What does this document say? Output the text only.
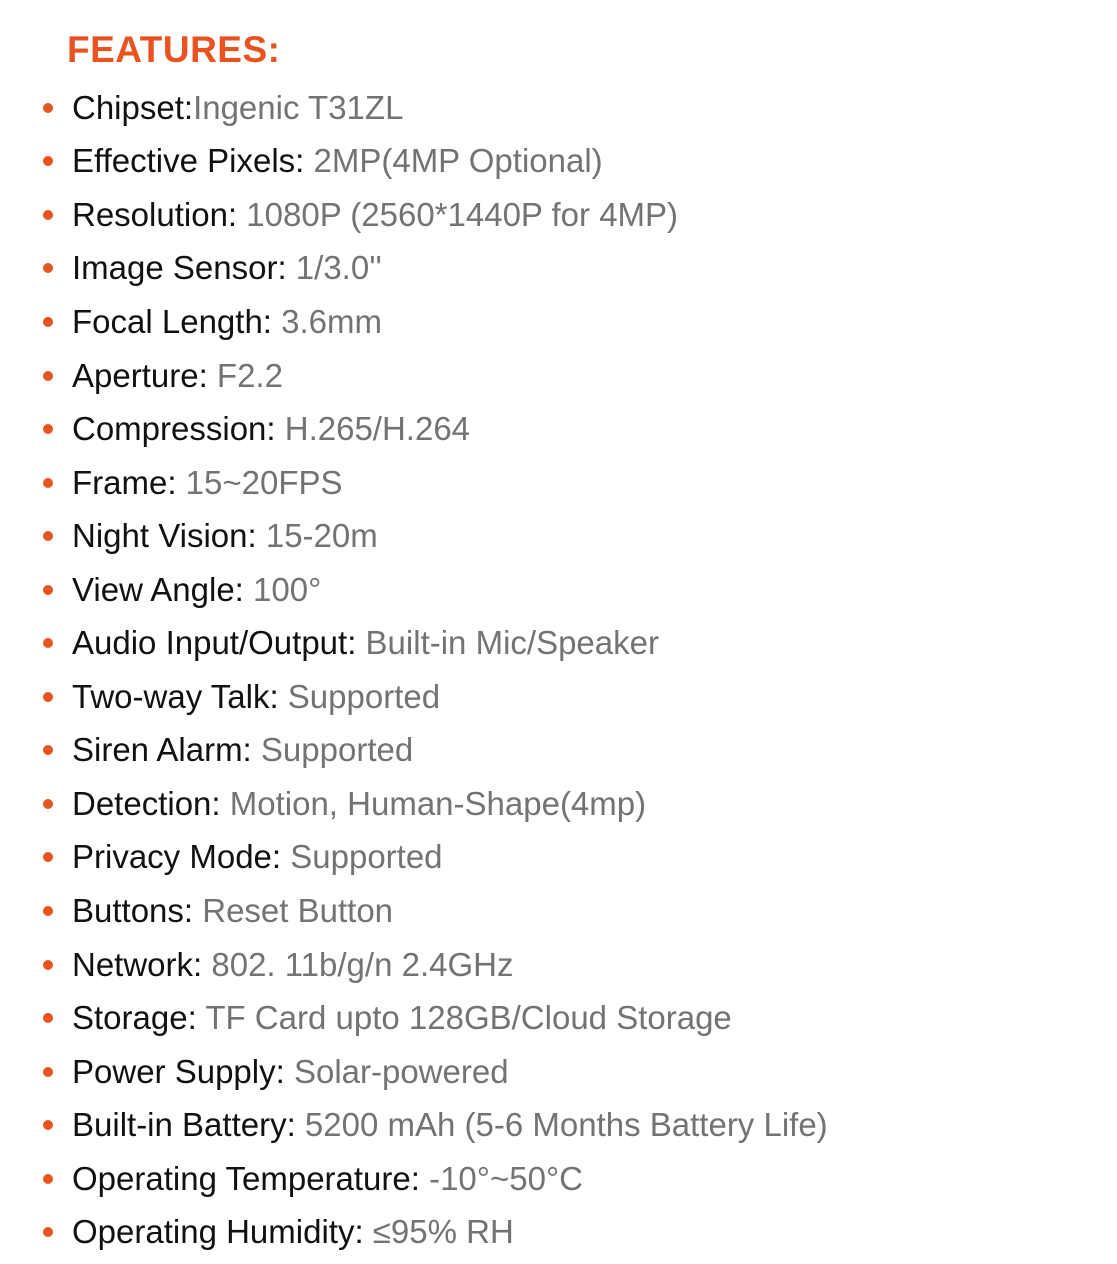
FEATURES:
Chipset:Ingenic T31ZL
Effective Pixels: 2MP(4MP Optional)
Resolution: 1080P (2560*1440P for 4MP)
Image Sensor: 1/3.0''
Focal Length: 3.6mm
Aperture: F2.2
Compression: H.265/H.264
Frame: 15~20FPS
Night Vision: 15-20m
View Angle: 100°
Audio Input/Output: Built-in Mic/Speaker
Two-way Talk: Supported
Siren Alarm: Supported
Detection: Motion, Human-Shape(4mp)
Privacy Mode: Supported
Buttons: Reset Button
Network: 802. 11b/g/n 2.4GHz
Storage: TF Card upto 128GB/Cloud Storage
Power Supply: Solar-powered
Built-in Battery: 5200 mAh (5-6 Months Battery Life)
Operating Temperature: -10°~50°C
Operating Humidity: ≤95% RH
